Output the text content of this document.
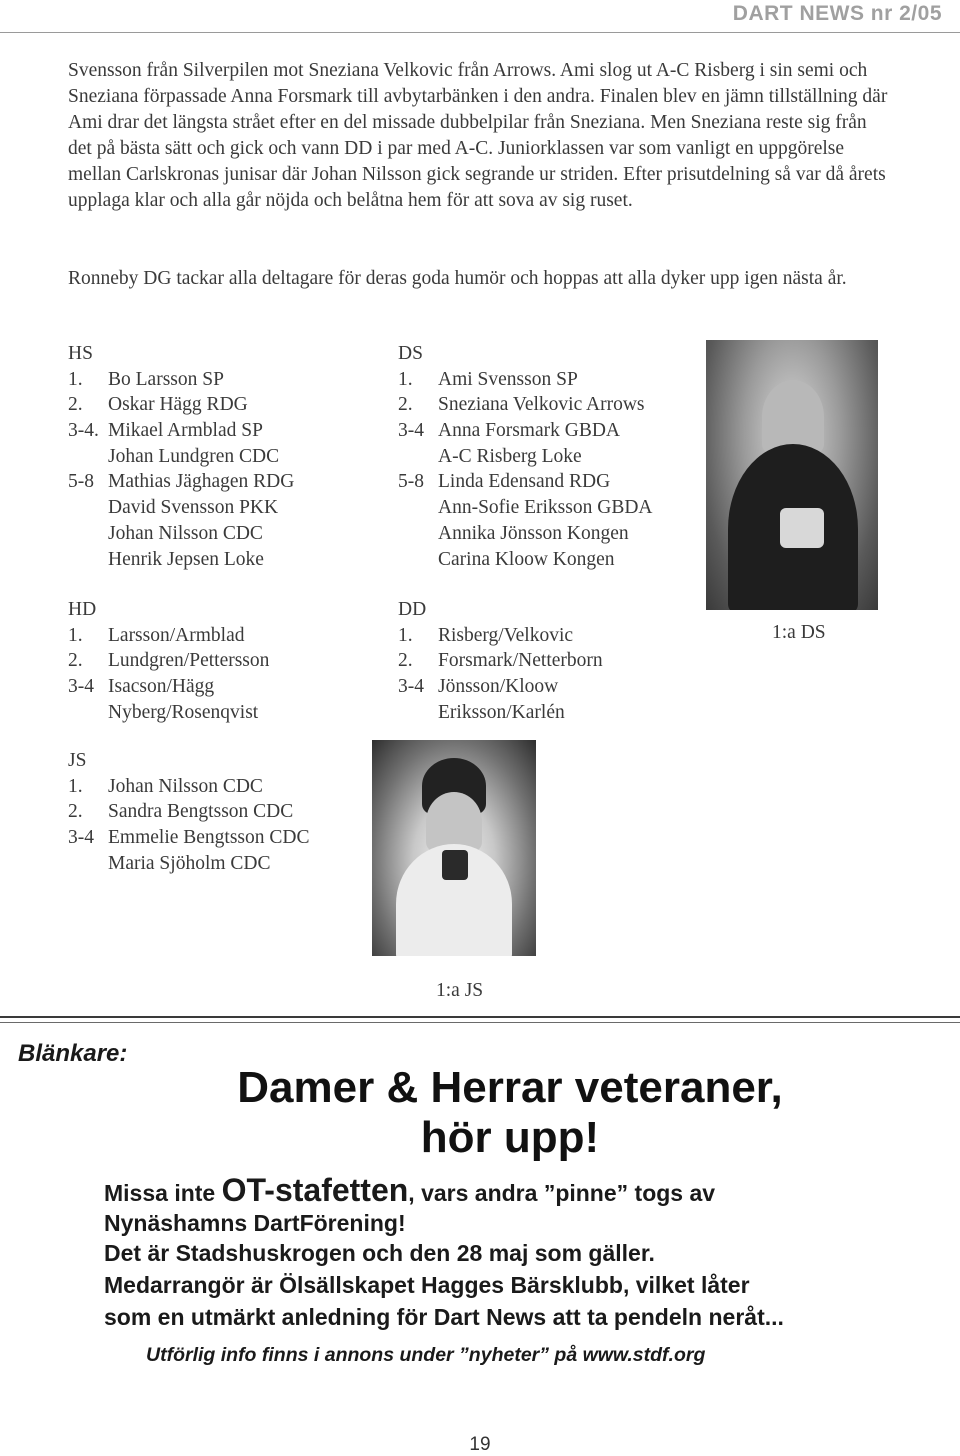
DART NEWS nr 2/05

Svensson från Silverpilen mot Sneziana Velkovic från Arrows. Ami slog ut A-C Risberg i sin semi och Sneziana förpassade Anna Forsmark till avbytarbänken i den andra. Finalen blev en jämn tillställning där Ami drar det längsta strået efter en del missade dubbelpilar från Sneziana. Men Sneziana reste sig från det på bästa sätt och gick och vann DD i par med A-C. Juniorklassen var som vanligt en uppgörelse mellan Carlskronas junisar där Johan Nilsson gick segrande ur striden. Efter prisutdelning så var då årets upplaga klar och alla går nöjda och belåtna hem för att sova av sig ruset.

Ronneby DG tackar alla deltagare för deras goda humör och hoppas att alla dyker upp igen nästa år.

HS
1. Bo Larsson SP
2. Oskar Hägg RDG
3-4. Mikael Armblad SP
Johan Lundgren CDC
5-8 Mathias Jäghagen RDG
David Svensson PKK
Johan Nilsson CDC
Henrik Jepsen Loke
DS
1. Ami Svensson SP
2. Sneziana Velkovic Arrows
3-4 Anna Forsmark GBDA
A-C Risberg Loke
5-8 Linda Edensand RDG
Ann-Sofie Eriksson GBDA
Annika Jönsson Kongen
Carina Kloow Kongen
HD
1. Larsson/Armblad
2. Lundgren/Pettersson
3-4 Isacson/Hägg
Nyberg/Rosenqvist
DD
1. Risberg/Velkovic
2. Forsmark/Netterborn
3-4 Jönsson/Kloow
Eriksson/Karlén
1:a DS
JS
1. Johan Nilsson CDC
2. Sandra Bengtsson CDC
3-4 Emmelie Bengtsson CDC
Maria Sjöholm CDC
1:a JS
Blänkare:
Damer & Herrar veteraner,
hör upp!
Missa inte OT-stafetten, vars andra ”pinne” togs av
Nynäshamns DartFörening!
Det är Stadshuskrogen och den 28 maj som gäller.
Medarrangör är Ölsällskapet Hagges Bärsklubb, vilket låter
som en utmärkt anledning för Dart News att ta pendeln neråt...
Utförlig info finns i annons under ”nyheter” på www.stdf.org
19
